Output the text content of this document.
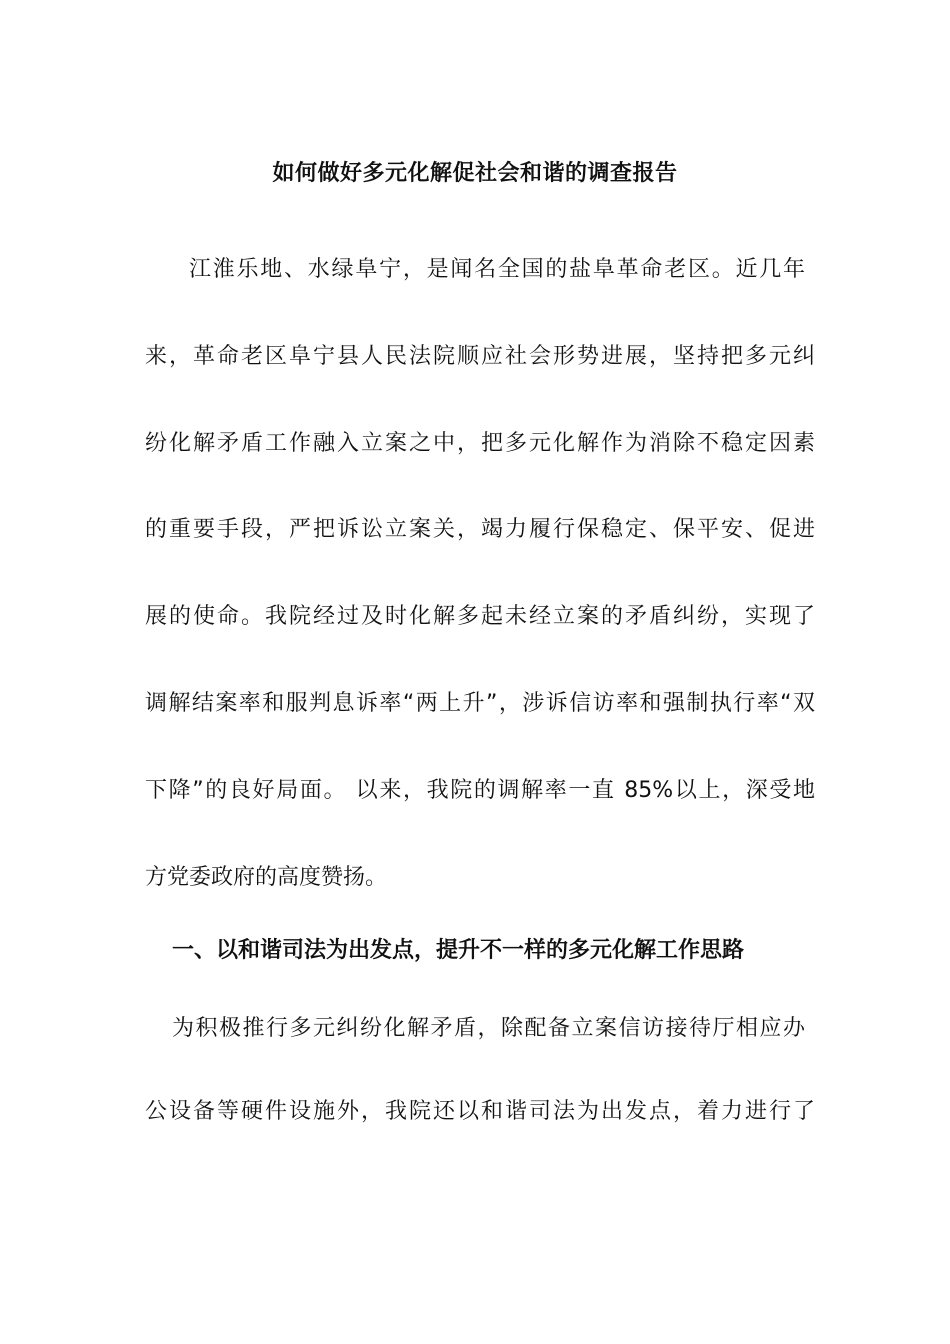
如何做好多元化解促社会和谐的调查报告
江淮乐地、水绿阜宁，是闻名全国的盐阜革命老区。近几年
来，革命老区阜宁县人民法院顺应社会形势进展，坚持把多元纠
纷化解矛盾工作融入立案之中，把多元化解作为消除不稳定因素
的重要手段，严把诉讼立案关，竭力履行保稳定、保平安、促进
展的使命。我院经过及时化解多起未经立案的矛盾纠纷，实现了
调解结案率和服判息诉率“两上升”，涉诉信访率和强制执行率“双
下降”的良好局面。 以来，我院的调解率一直 85%以上，深受地
方党委政府的高度赞扬。
一、以和谐司法为出发点，提升不一样的多元化解工作思路
为积极推行多元纠纷化解矛盾，除配备立案信访接待厅相应办
公设备等硬件设施外，我院还以和谐司法为出发点，着力进行了
